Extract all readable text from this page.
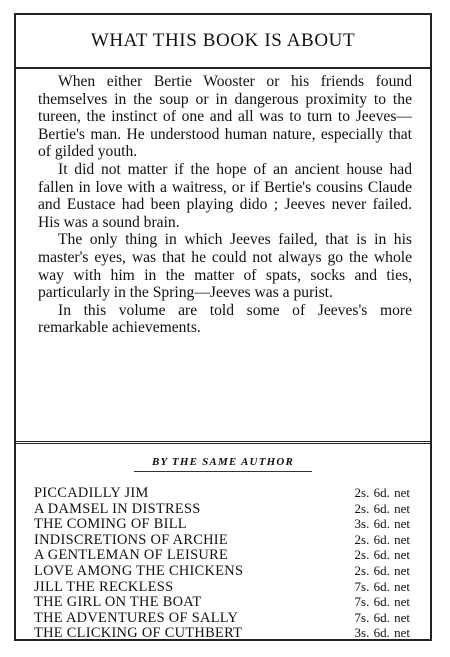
WHAT THIS BOOK IS ABOUT

When either Bertie Wooster or his friends found themselves in the soup or in dangerous proximity to the tureen, the instinct of one and all was to turn to Jeeves—Bertie's man. He understood human nature, especially that of gilded youth.

It did not matter if the hope of an ancient house had fallen in love with a waitress, or if Bertie's cousins Claude and Eustace had been playing dido ; Jeeves never failed. His was a sound brain.

The only thing in which Jeeves failed, that is in his master's eyes, was that he could not always go the whole way with him in the matter of spats, socks and ties, particularly in the Spring—Jeeves was a purist.

In this volume are told some of Jeeves's more remarkable achievements.

BY THE SAME AUTHOR
PICCADILLY JIM	2s. 6d. net
A DAMSEL IN DISTRESS	2s. 6d. net
THE COMING OF BILL	3s. 6d. net
INDISCRETIONS OF ARCHIE	2s. 6d. net
A GENTLEMAN OF LEISURE	2s. 6d. net
LOVE AMONG THE CHICKENS	2s. 6d. net
JILL THE RECKLESS	7s. 6d. net
THE GIRL ON THE BOAT	7s. 6d. net
THE ADVENTURES OF SALLY	7s. 6d. net
THE CLICKING OF CUTHBERT	3s. 6d. net
